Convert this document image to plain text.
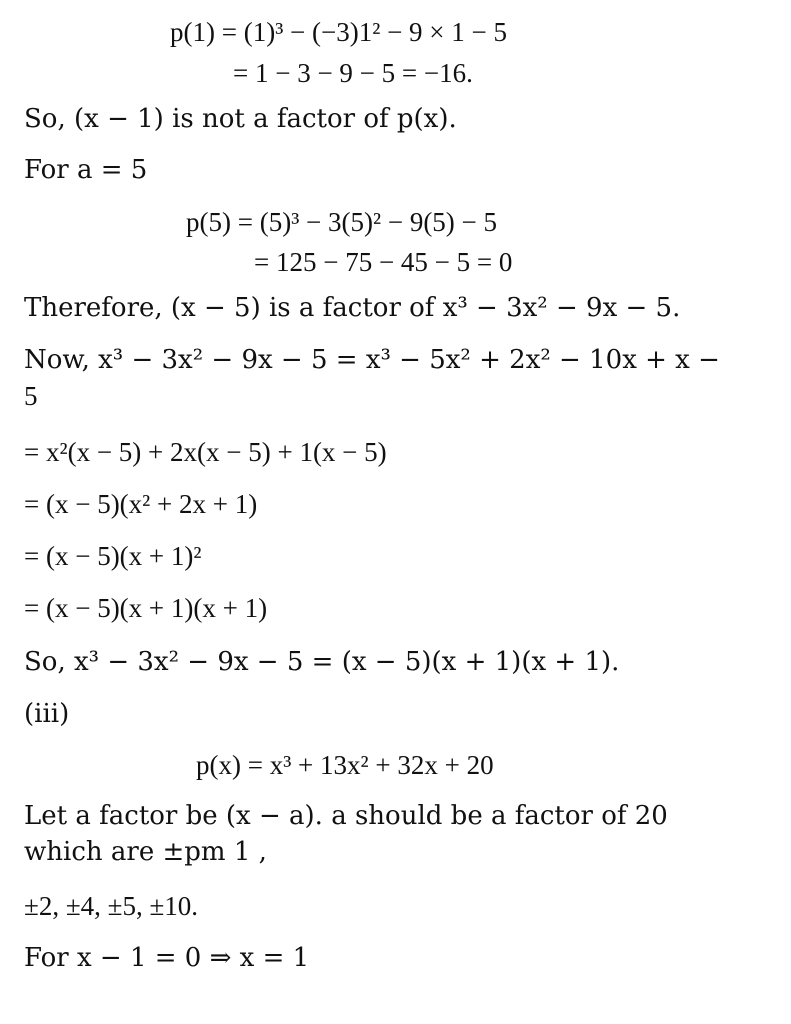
p(1) = (1)³ − (−3)1² − 9 × 1 − 5
= 1 − 3 − 9 − 5 = −16.
So, (x − 1) is not a factor of p(x).
For a = 5
p(5) = (5)³ − 3(5)² − 9(5) − 5
= 125 − 75 − 45 − 5 = 0
Therefore, (x − 5) is a factor of x³ − 3x² − 9x − 5.
Now, x³ − 3x² − 9x − 5 = x³ − 5x² + 2x² − 10x + x −
5
= x²(x − 5) + 2x(x − 5) + 1(x − 5)
= (x − 5)(x² + 2x + 1)
= (x − 5)(x + 1)²
= (x − 5)(x + 1)(x + 1)
So, x³ − 3x² − 9x − 5 = (x − 5)(x + 1)(x + 1).
(iii)
p(x) = x³ + 13x² + 32x + 20
Let a factor be (x − a). a should be a factor of 20
which are ±pm 1 ,
±2, ±4, ±5, ±10.
For x − 1 = 0 ⇒ x = 1
